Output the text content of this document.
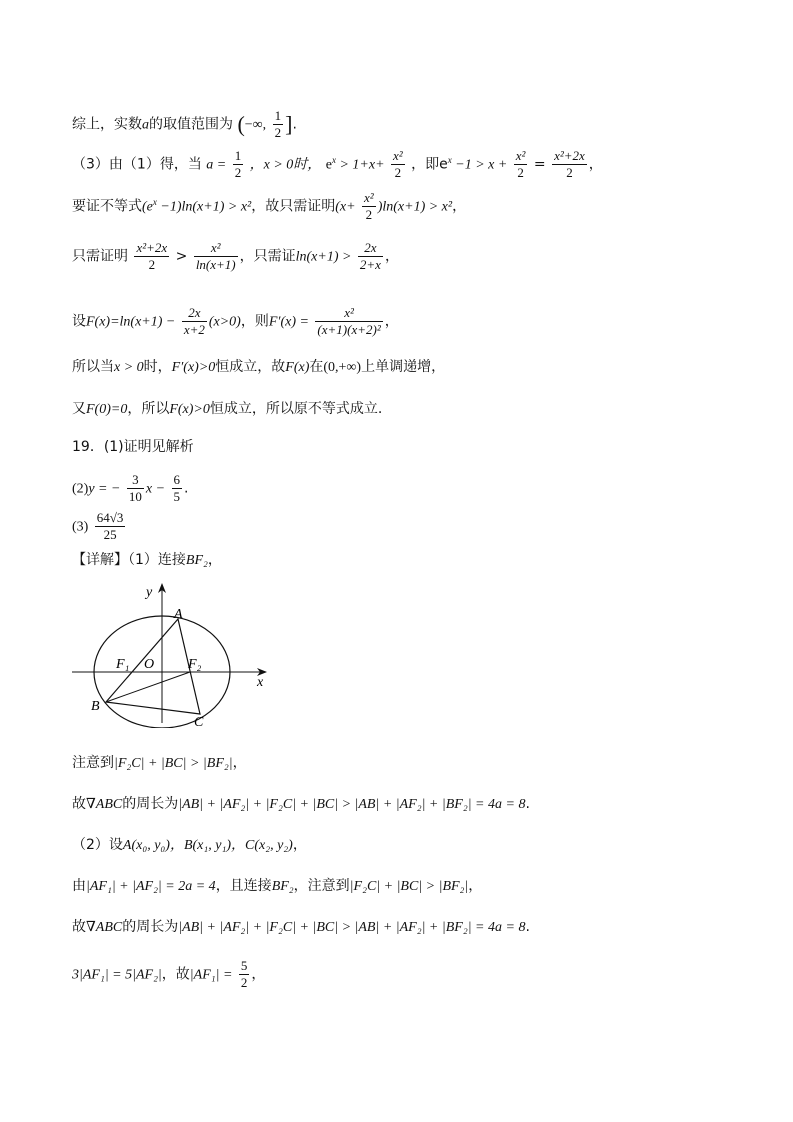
综上，实数a的取值范围为 (−∞, $\frac{1}{2}$ ].
（3）由（1）得，当 $a = \frac{1}{2}$ ，x > 0时， $e^x > 1+x+ \frac{\text{x²}}{2}$ ，即$e^x -1 > x + \frac{\text{x²}}{2} = \frac{\text{x²+2x}}{2}$ ，
要证不等式$(e^x -1)\ln(x+1) > x^2$，故只需证明$(x+ \frac{\text{x²}}{2} )\ln(x+1) > x^2$，
只需证明 $\frac{\text{x²+2x}}{2} > \frac{\text{x²}}{\ln(x+1)}$ ，只需证$\ln(x+1) > \frac{2x}{2+x}$ ，
设$F(x)=\ln(x+1) - \frac{2x}{x+2} (x>0)$，则$F'(x) = \frac{\text{x²}}{\text{(x+1)(x+2)²}}$ ，
所以当x > 0时，F′(x)>0恒成立，故F(x)在(0,+∞)上单调递增，
又F(0)=0，所以F(x)>0恒成立，所以原不等式成立.
19．(1)证明见解析
(2)y = − $\frac{3}{10}$ $x - \frac{6}{5}$ .
$(3) \frac{64√3}{25}$
【详解】（1）连接BF₂，
y
x
A
B
C
F₁ O F₂
注意到|F₂C| + |BC| > |BF₂|，
故∇ABC的周长为|AB| + |AF₂| + |F₂C| + |BC| > |AB| + |AF₂| + |BF₂| = 4a = 8.
（2）设A(x₀, y₀)，B(x₁, y₁)，C(x₂, y₂)，
由|AF₁| + |AF₂| = 2a = 4，且连接BF₂，注意到|F₂C| + |BC| > |BF₂|，
故∇ABC的周长为|AB| + |AF₂| + |F₂C| + |BC| > |AB| + |AF₂| + |BF₂| = 4a = 8.
3|AF₁| = 5|AF₂|，故$|AF_1| = \frac{5}{2}$ ，
